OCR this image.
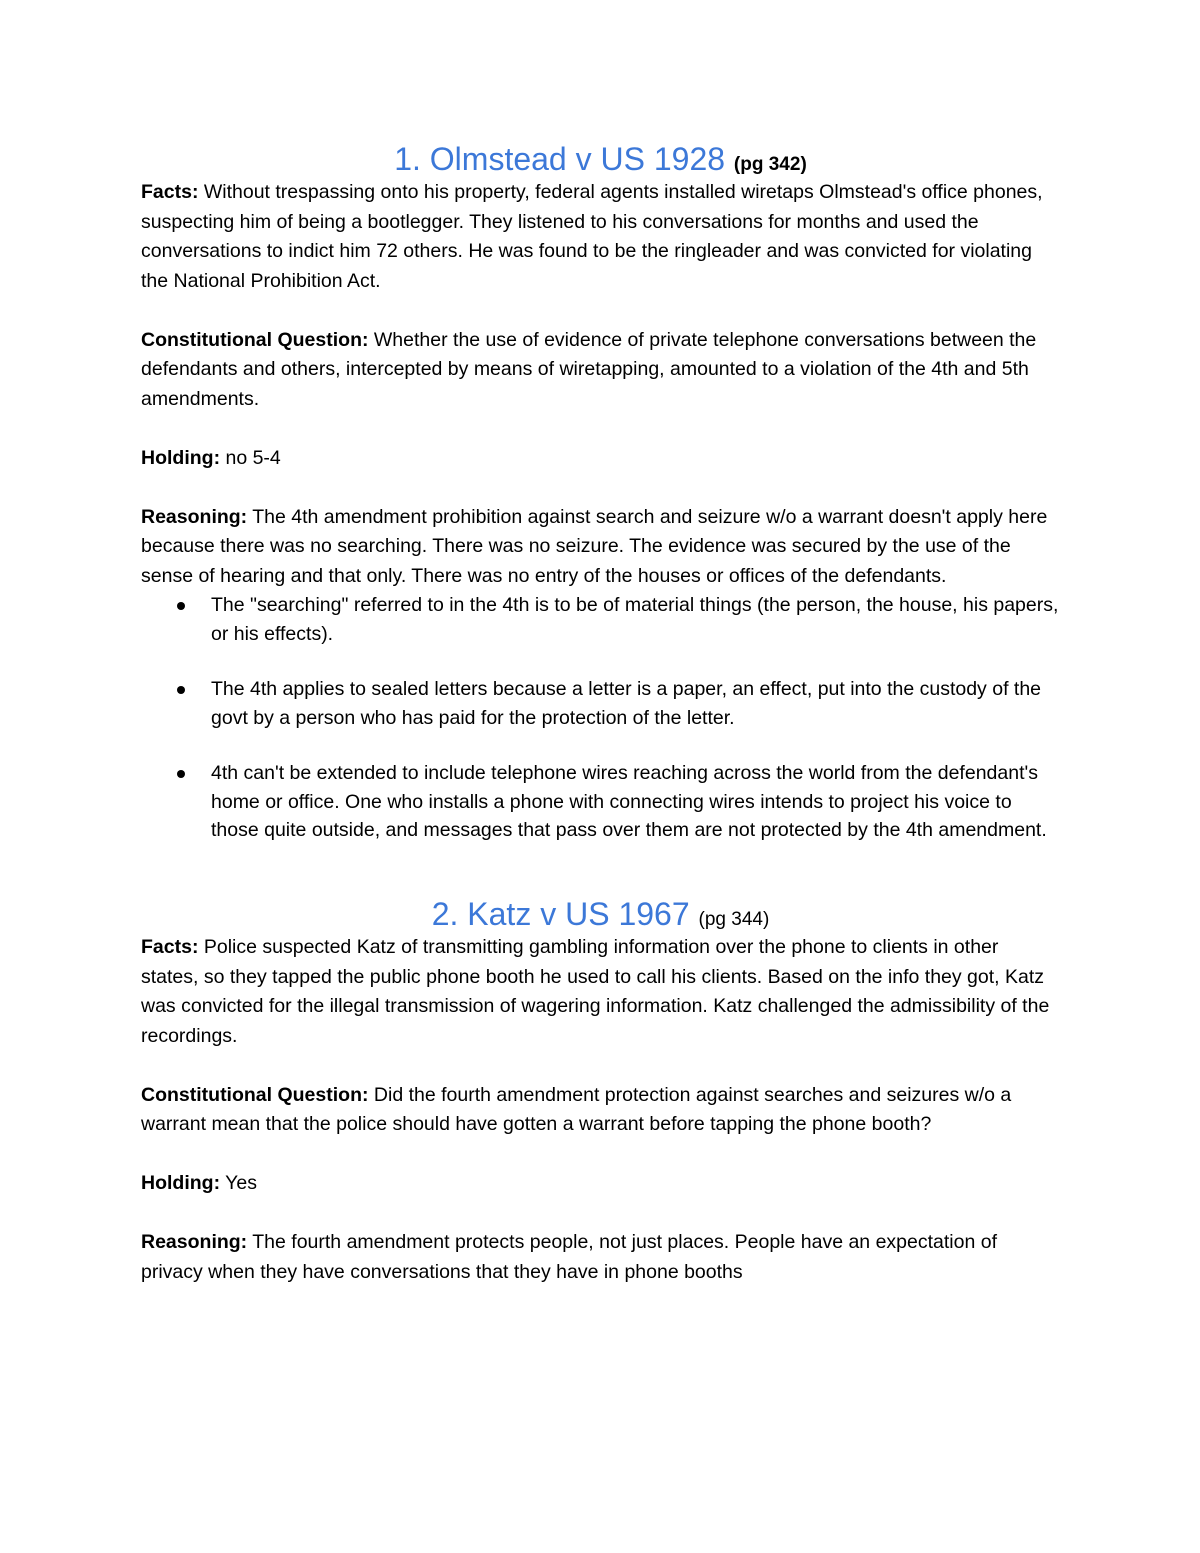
1. Olmstead v US 1928 (pg 342)

Facts: Without trespassing onto his property, federal agents installed wiretaps Olmstead's office phones, suspecting him of being a bootlegger. They listened to his conversations for months and used the conversations to indict him 72 others. He was found to be the ringleader and was convicted for violating the National Prohibition Act.

Constitutional Question: Whether the use of evidence of private telephone conversations between the defendants and others, intercepted by means of wiretapping, amounted to a violation of the 4th and 5th amendments.

Holding: no 5-4

Reasoning: The 4th amendment prohibition against search and seizure w/o a warrant doesn't apply here because there was no searching. There was no seizure. The evidence was secured by the use of the sense of hearing and that only. There was no entry of the houses or offices of the defendants.

The "searching" referred to in the 4th is to be of material things (the person, the house, his papers, or his effects).
The 4th applies to sealed letters because a letter is a paper, an effect, put into the custody of the govt by a person who has paid for the protection of the letter.
4th can't be extended to include telephone wires reaching across the world from the defendant's home or office. One who installs a phone with connecting wires intends to project his voice to those quite outside, and messages that pass over them are not protected by the 4th amendment.
2. Katz v US 1967 (pg 344)

Facts: Police suspected Katz of transmitting gambling information over the phone to clients in other states, so they tapped the public phone booth he used to call his clients. Based on the info they got, Katz was convicted for the illegal transmission of wagering information. Katz challenged the admissibility of the recordings.

Constitutional Question: Did the fourth amendment protection against searches and seizures w/o a warrant mean that the police should have gotten a warrant before tapping the phone booth?

Holding: Yes

Reasoning: The fourth amendment protects people, not just places. People have an expectation of privacy when they have conversations that they have in phone booths
